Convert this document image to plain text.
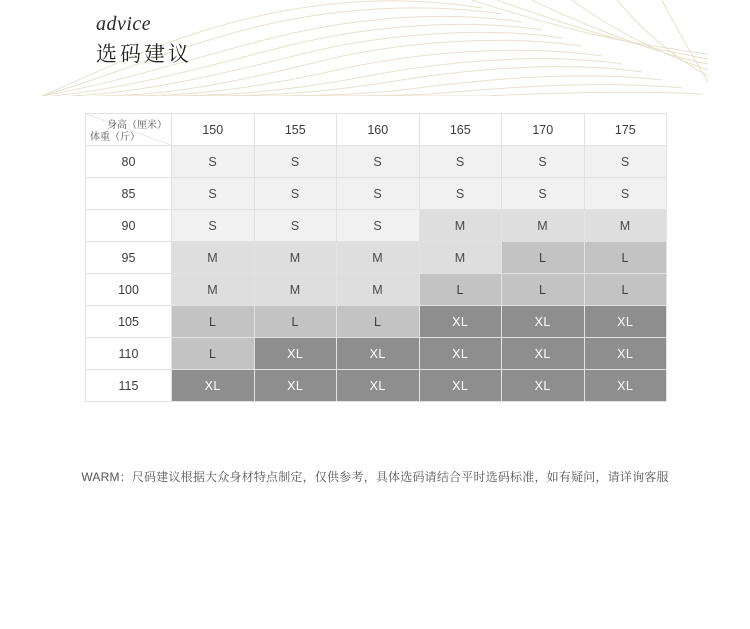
advice
选码建议
身高（厘米）
体重（斤）	150	155	160	165	170	175
80	S	S	S	S	S	S
85	S	S	S	S	S	S
90	S	S	S	M	M	M
95	M	M	M	M	L	L
100	M	M	M	L	L	L
105	L	L	L	XL	XL	XL
110	L	XL	XL	XL	XL	XL
115	XL	XL	XL	XL	XL	XL
WARM：尺码建议根据大众身材特点制定，仅供参考，具体选码请结合平时选码标准，如有疑问，请详询客服
